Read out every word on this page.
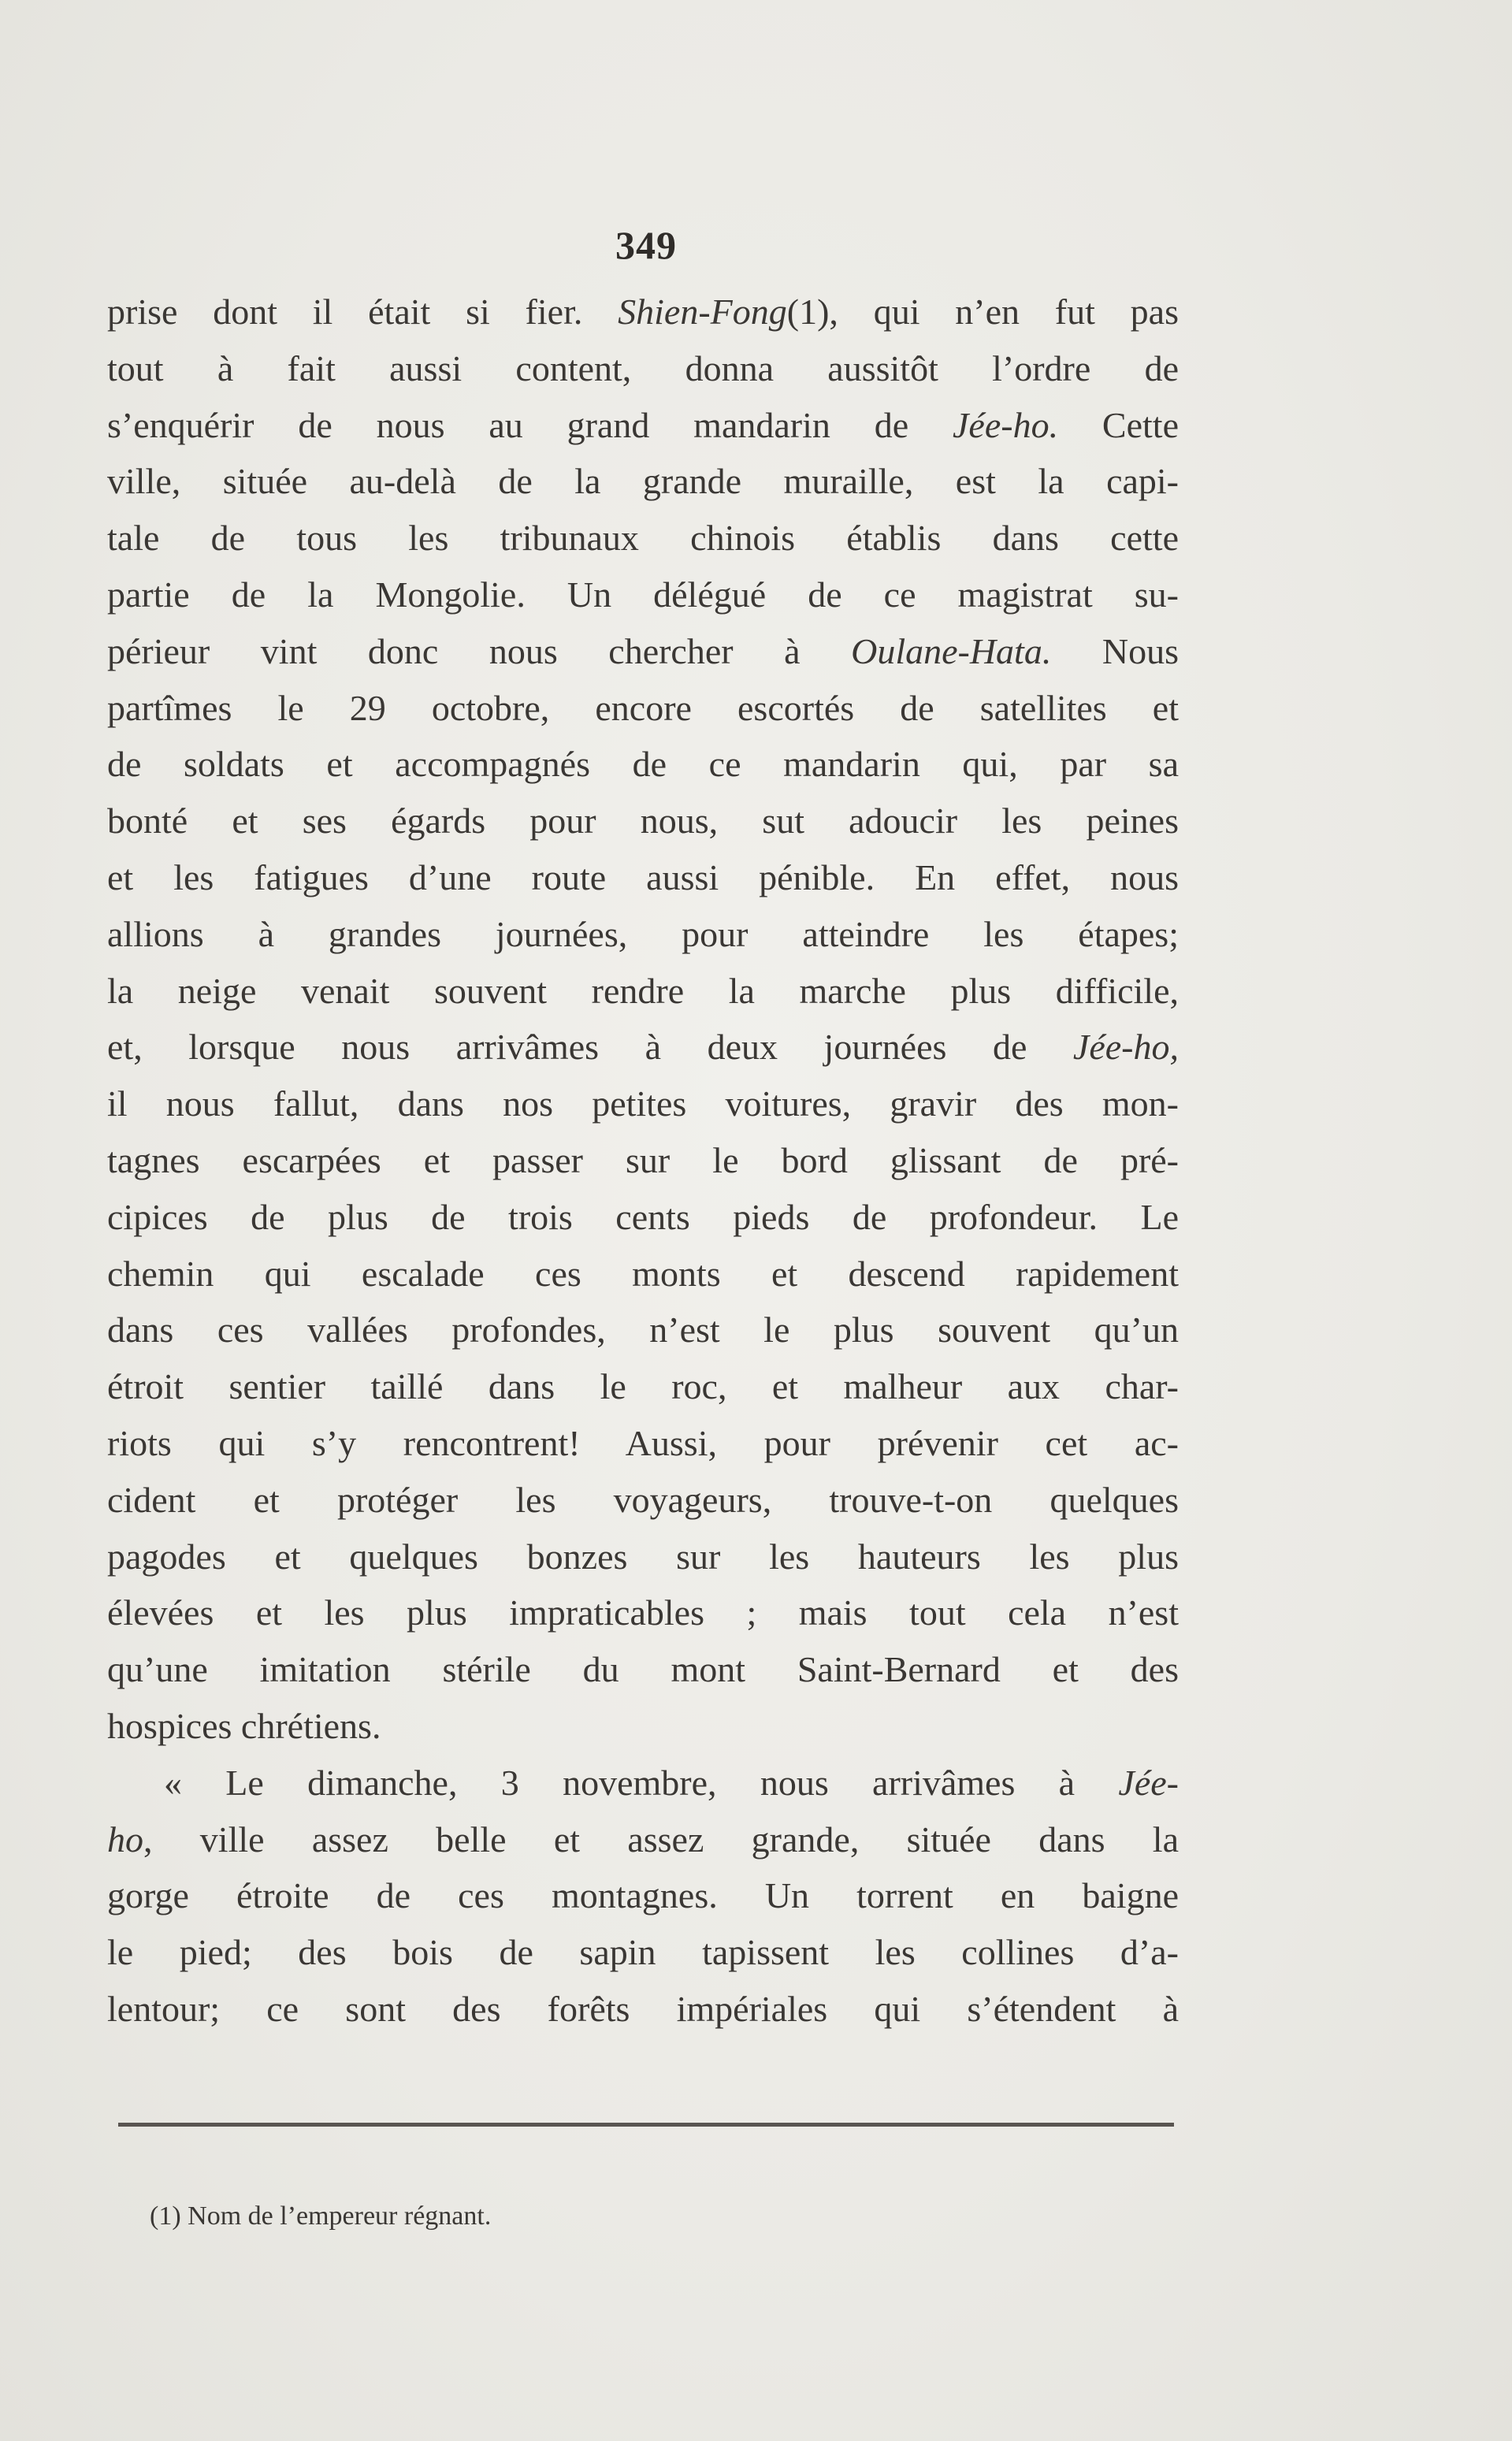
349
prise dont il était si fier. Shien-Fong(1), qui n’en fut pas
tout à fait aussi content, donna aussitôt l’ordre de
s’enquérir de nous au grand mandarin de Jée-ho. Cette
ville, située au-delà de la grande muraille, est la capi-
tale de tous les tribunaux chinois établis dans cette
partie de la Mongolie. Un délégué de ce magistrat su-
périeur vint donc nous chercher à Oulane-Hata. Nous
partîmes le 29 octobre, encore escortés de satellites et
de soldats et accompagnés de ce mandarin qui, par sa
bonté et ses égards pour nous, sut adoucir les peines
et les fatigues d’une route aussi pénible. En effet, nous
allions à grandes journées, pour atteindre les étapes;
la neige venait souvent rendre la marche plus difficile,
et, lorsque nous arrivâmes à deux journées de Jée-ho,
il nous fallut, dans nos petites voitures, gravir des mon-
tagnes escarpées et passer sur le bord glissant de pré-
cipices de plus de trois cents pieds de profondeur. Le
chemin qui escalade ces monts et descend rapidement
dans ces vallées profondes, n’est le plus souvent qu’un
étroit sentier taillé dans le roc, et malheur aux char-
riots qui s’y rencontrent! Aussi, pour prévenir cet ac-
cident et protéger les voyageurs, trouve-t-on quelques
pagodes et quelques bonzes sur les hauteurs les plus
élevées et les plus impraticables ; mais tout cela n’est
qu’une imitation stérile du mont Saint-Bernard et des
hospices chrétiens.
« Le dimanche, 3 novembre, nous arrivâmes à Jée-
ho, ville assez belle et assez grande, située dans la
gorge étroite de ces montagnes. Un torrent en baigne
le pied; des bois de sapin tapissent les collines d’a-
lentour; ce sont des forêts impériales qui s’étendent à
(1) Nom de l’empereur régnant.
